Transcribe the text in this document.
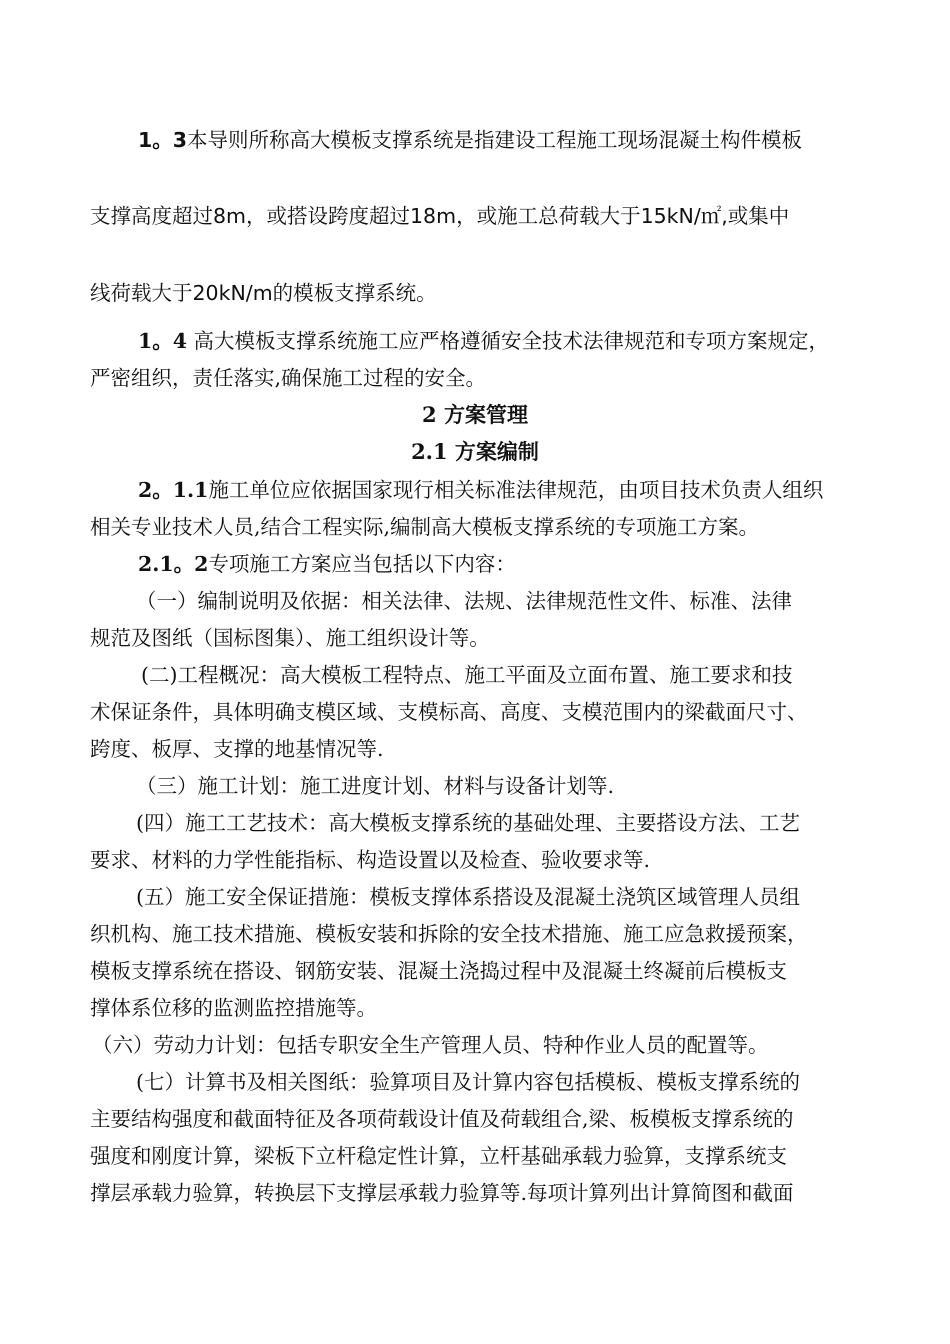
1。3本导则所称高大模板支撑系统是指建设工程施工现场混凝土构件模板
支撑高度超过8m，或搭设跨度超过18m，或施工总荷载大于15kN/㎡,或集中
线荷载大于20kN/m的模板支撑系统。
1。4 高大模板支撑系统施工应严格遵循安全技术法律规范和专项方案规定，
严密组织，责任落实,确保施工过程的安全。
2 方案管理
2.1 方案编制
2。1.1施工单位应依据国家现行相关标准法律规范，由项目技术负责人组织
相关专业技术人员,结合工程实际,编制高大模板支撑系统的专项施工方案。
2.1。2专项施工方案应当包括以下内容：
（一）编制说明及依据：相关法律、法规、法律规范性文件、标准、法律
规范及图纸（国标图集）、施工组织设计等。
(二)工程概况：高大模板工程特点、施工平面及立面布置、施工要求和技
术保证条件，具体明确支模区域、支模标高、高度、支模范围内的梁截面尺寸、
跨度、板厚、支撑的地基情况等.
（三）施工计划：施工进度计划、材料与设备计划等.
(四）施工工艺技术：高大模板支撑系统的基础处理、主要搭设方法、工艺
要求、材料的力学性能指标、构造设置以及检查、验收要求等.
(五）施工安全保证措施：模板支撑体系搭设及混凝土浇筑区域管理人员组
织机构、施工技术措施、模板安装和拆除的安全技术措施、施工应急救援预案，
模板支撑系统在搭设、钢筋安装、混凝土浇捣过程中及混凝土终凝前后模板支
撑体系位移的监测监控措施等。
（六）劳动力计划：包括专职安全生产管理人员、特种作业人员的配置等。
(七）计算书及相关图纸：验算项目及计算内容包括模板、模板支撑系统的
主要结构强度和截面特征及各项荷载设计值及荷载组合,梁、板模板支撑系统的
强度和刚度计算，梁板下立杆稳定性计算，立杆基础承载力验算，支撑系统支
撑层承载力验算，转换层下支撑层承载力验算等.每项计算列出计算简图和截面
